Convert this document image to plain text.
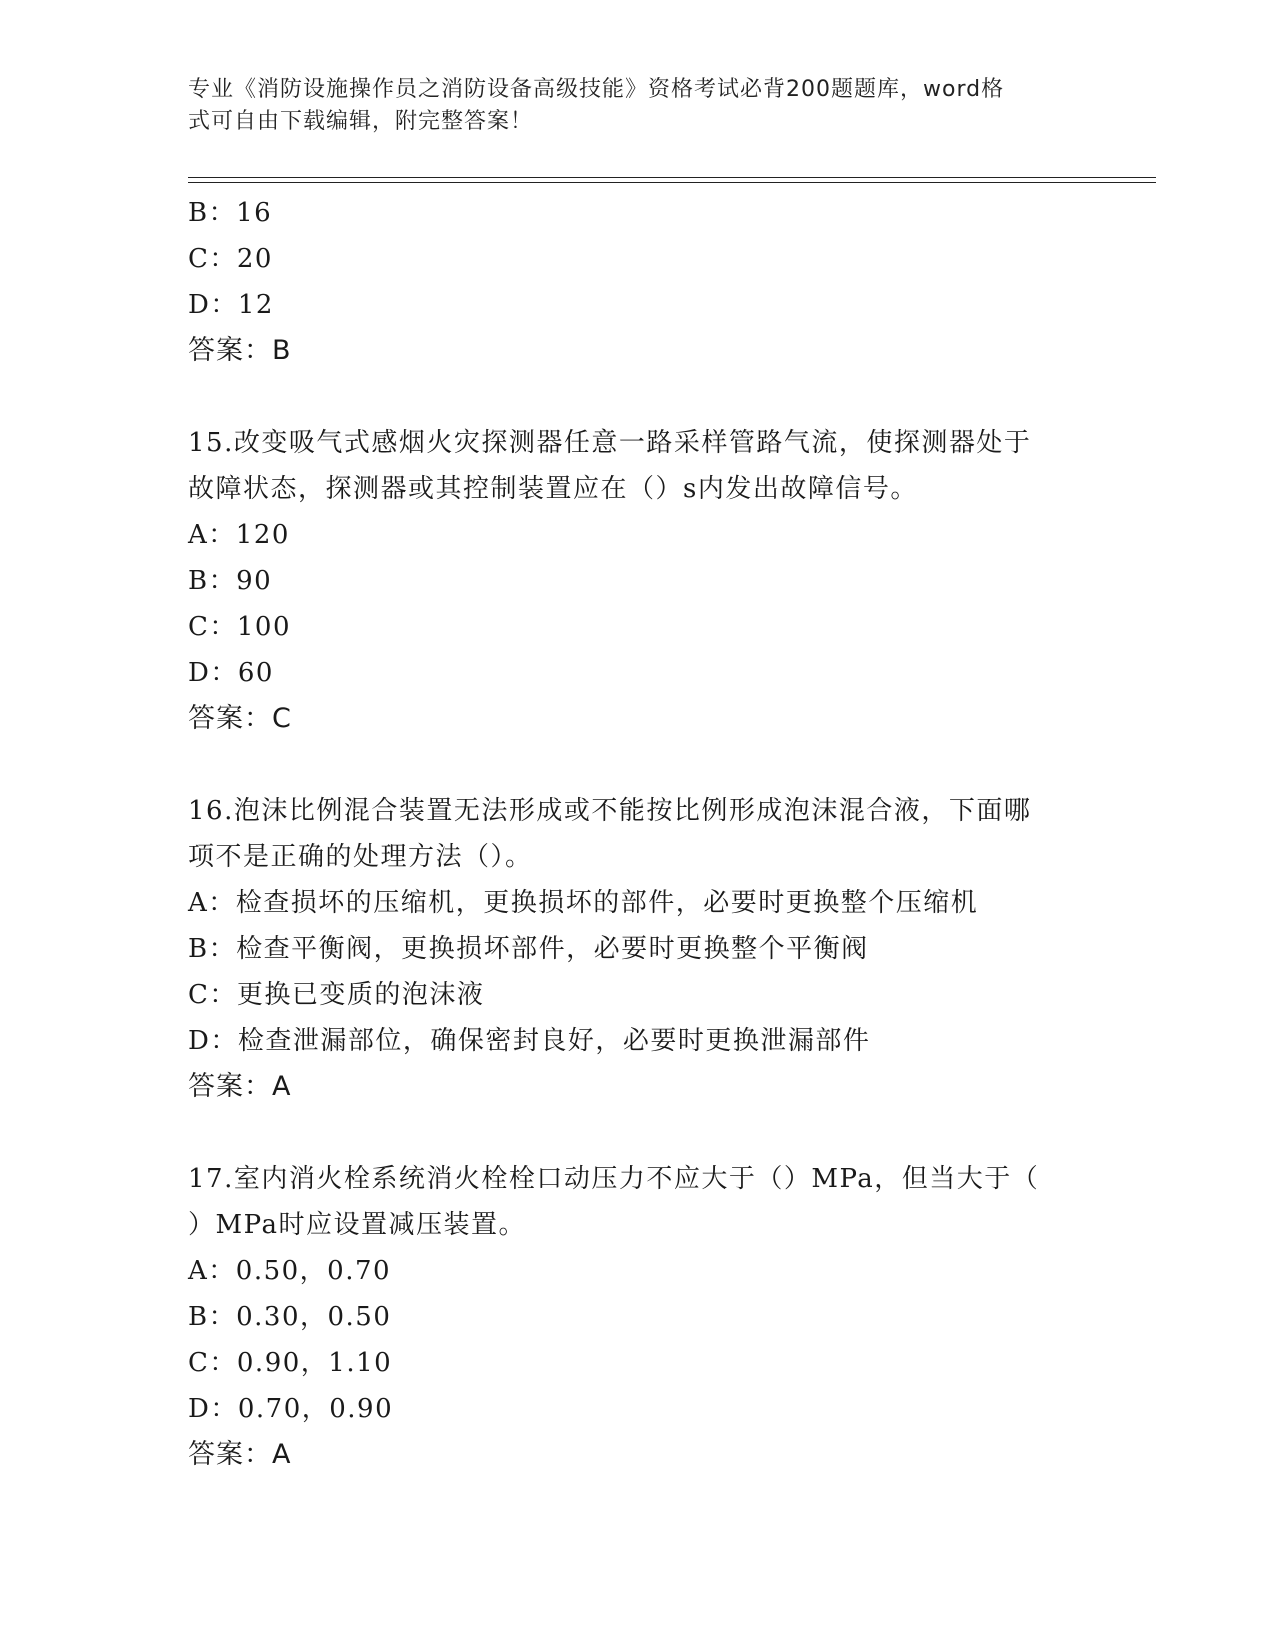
专业《消防设施操作员之消防设备高级技能》资格考试必背200题题库，word格
式可自由下载编辑，附完整答案！
B：16
C：20
D：12
答案：B
15.改变吸气式感烟火灾探测器任意一路采样管路气流，使探测器处于
故障状态，探测器或其控制装置应在（）s内发出故障信号。
A：120
B：90
C：100
D：60
答案：C
16.泡沫比例混合装置无法形成或不能按比例形成泡沫混合液，下面哪
项不是正确的处理方法（）。
A：检查损坏的压缩机，更换损坏的部件，必要时更换整个压缩机
B：检查平衡阀，更换损坏部件，必要时更换整个平衡阀
C：更换已变质的泡沫液
D：检查泄漏部位，确保密封良好，必要时更换泄漏部件
答案：A
17.室内消火栓系统消火栓栓口动压力不应大于（）MPa，但当大于（
）MPa时应设置减压装置。
A：0.50，0.70
B：0.30，0.50
C：0.90，1.10
D：0.70，0.90
答案：A
